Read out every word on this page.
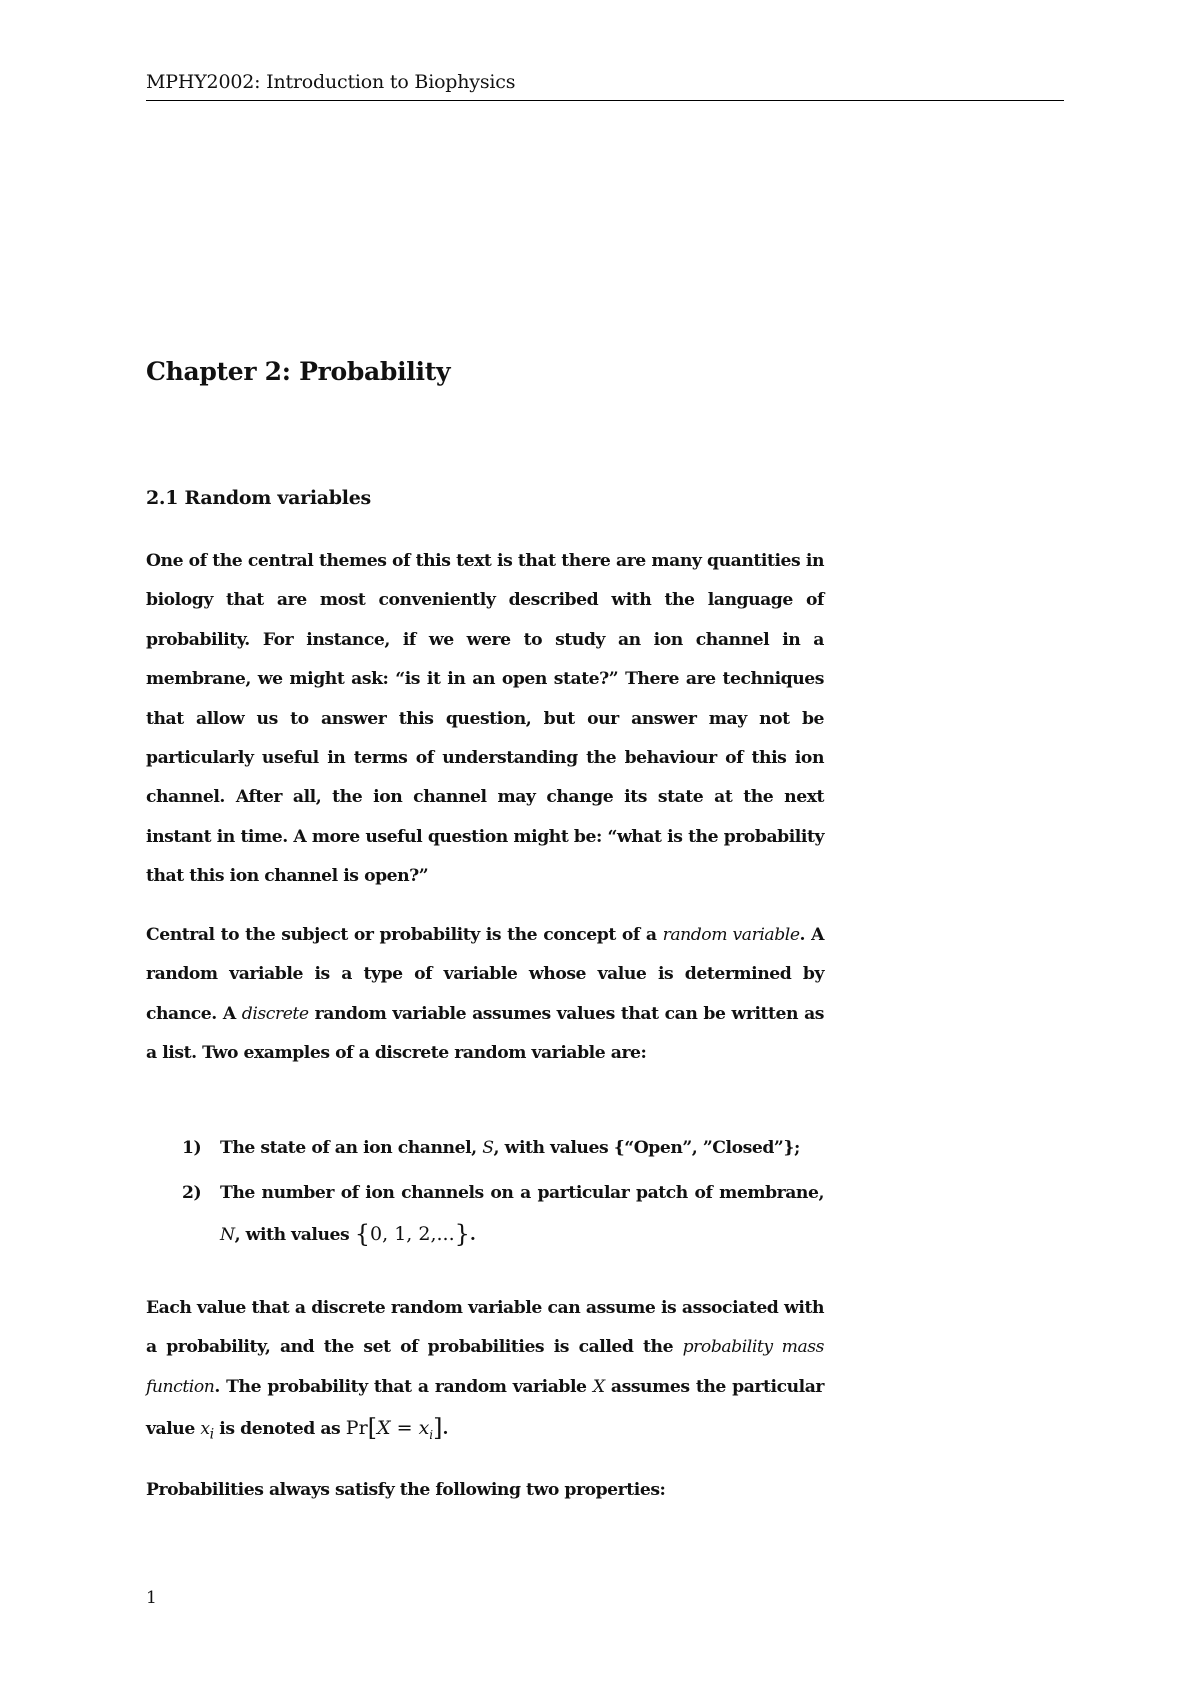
MPHY2002: Introduction to Biophysics
Chapter 2: Probability
2.1 Random variables

One of the central themes of this text is that there are many quantities in biology that are most conveniently described with the language of probability. For instance, if we were to study an ion channel in a membrane, we might ask: “is it in an open state?” There are techniques that allow us to answer this question, but our answer may not be particularly useful in terms of understanding the behaviour of this ion channel. After all, the ion channel may change its state at the next instant in time. A more useful question might be: “what is the probability that this ion channel is open?”

Central to the subject or probability is the concept of a random variable. A random variable is a type of variable whose value is determined by chance. A discrete random variable assumes values that can be written as a list. Two examples of a discrete random variable are:

1) The state of an ion channel, S, with values {“Open”, ”Closed”};
2) The number of ion channels on a particular patch of membrane, N, with values {0, 1, 2,...}.

Each value that a discrete random variable can assume is associated with a probability, and the set of probabilities is called the probability mass function. The probability that a random variable X assumes the particular value $x_i$ is denoted as $Pr[X = x_i]$.

Probabilities always satisfy the following two properties:

1
